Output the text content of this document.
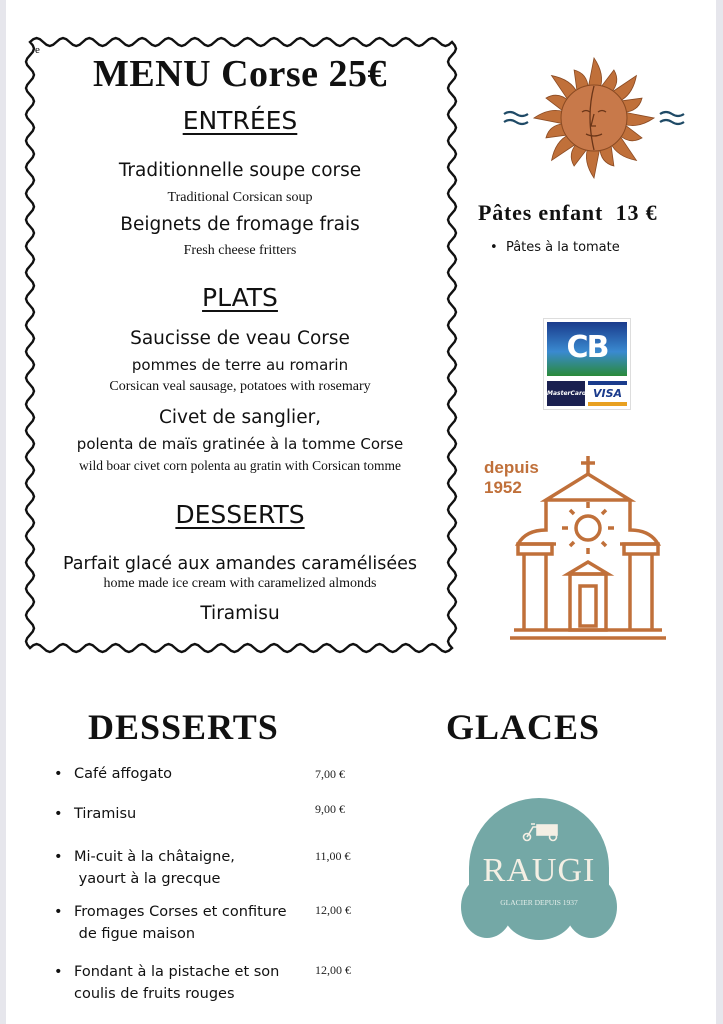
e
MENU Corse 25€
ENTRÉES
Traditionnelle soupe corse
Traditional Corsican soup
Beignets de fromage frais
Fresh cheese fritters
PLATS
Saucisse de veau Corse
pommes de terre au romarin
Corsican veal sausage, potatoes with rosemary
Civet de sanglier,
polenta de maïs gratinée à la tomme Corse
wild boar civet corn polenta au gratin with Corsican tomme
DESSERTS
Parfait glacé aux amandes caramélisées
home made ice cream with caramelized almonds
Tiramisu
Pâtes enfant  13 €
•  Pâtes à la tomate
CB
MasterCard VISA
depuis
1952
DESSERTS	GLACES
• Café affogato	7,00 €
• Tiramisu	9,00 €
• Mi-cuit à la châtaigne,
yaourt à la grecque
11,00 €
• Fromages Corses et confiture
de figue maison
12,00 €
• Fondant à la pistache et son
coulis de fruits rouges
12,00 €
RAUGI
GLACIER DEPUIS 1937
